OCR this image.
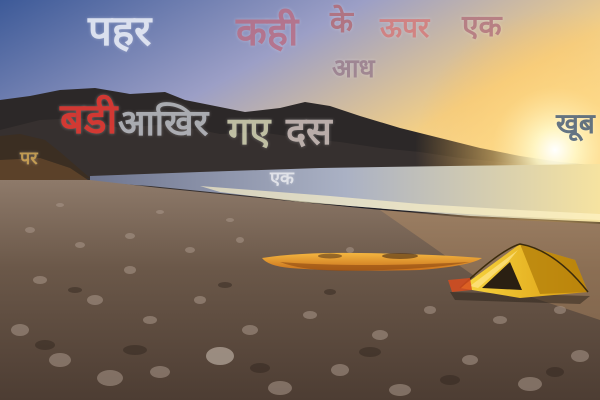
पहर कही के ऊपर एक
आध
बडी आखिर गए दस
एक
खूब
पर
